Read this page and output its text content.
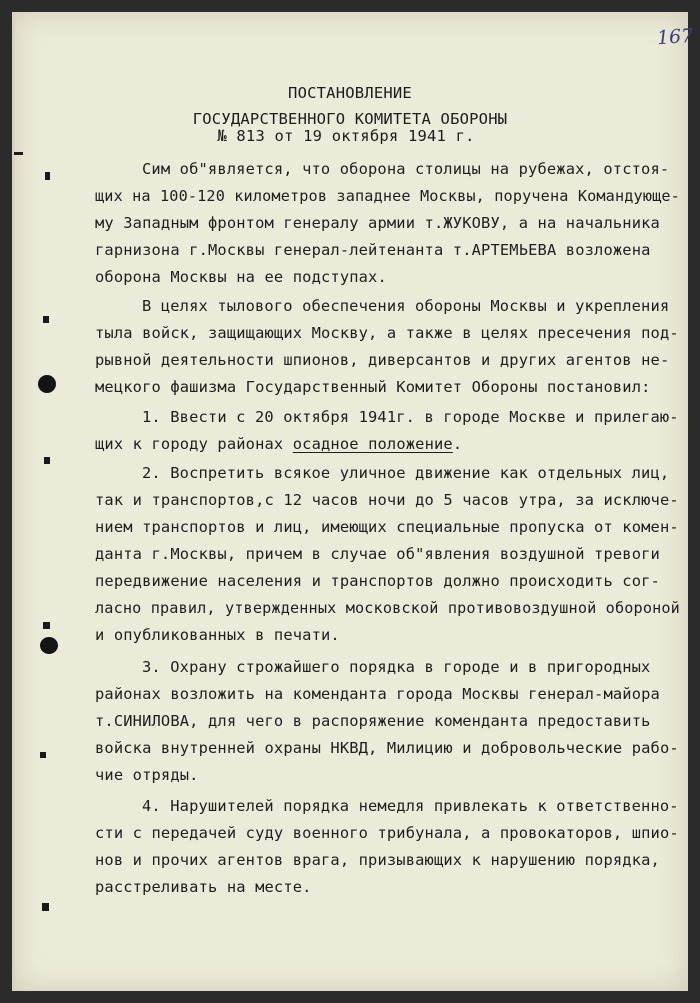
167
ПОСТАНОВЛЕНИЕ
ГОСУДАРСТВЕННОГО КОМИТЕТА ОБОРОНЫ
№ 813 от 19 октября 1941 г.
Сим об"является, что оборона столицы на рубежах, отстоя-
щих на 100-120 километров западнее Москвы, поручена Командующе-
му Западным фронтом генералу армии т.ЖУКОВУ, а на начальника
гарнизона г.Москвы генерал-лейтенанта т.АРТЕМЬЕВА возложена
оборона Москвы на ее подступах.
В целях тылового обеспечения обороны Москвы и укрепления
тыла войск, защищающих Москву, а также в целях пресечения под-
рывной деятельности шпионов, диверсантов и других агентов не-
мецкого фашизма Государственный Комитет Обороны постановил:
1. Ввести с 20 октября 1941г. в городе Москве и прилегаю-
щих к городу районах осадное положение.
2. Воспретить всякое уличное движение как отдельных лиц,
так и транспортов,с 12 часов ночи до 5 часов утра, за исключе-
нием транспортов и лиц, имеющих специальные пропуска от комен-
данта г.Москвы, причем в случае об"явления воздушной тревоги
передвижение населения и транспортов должно происходить сог-
ласно правил, утвержденных московской противовоздушной обороной
и опубликованных в печати.
3. Охрану строжайшего порядка в городе и в пригородных
районах возложить на коменданта города Москвы генерал-майора
т.СИНИЛОВА, для чего в распоряжение коменданта предоставить
войска внутренней охраны НКВД, Милицию и добровольческие рабо-
чие отряды.
4. Нарушителей порядка немедля привлекать к ответственно-
сти с передачей суду военного трибунала, а провокаторов, шпио-
нов и прочих агентов врага, призывающих к нарушению порядка,
расстреливать на месте.
